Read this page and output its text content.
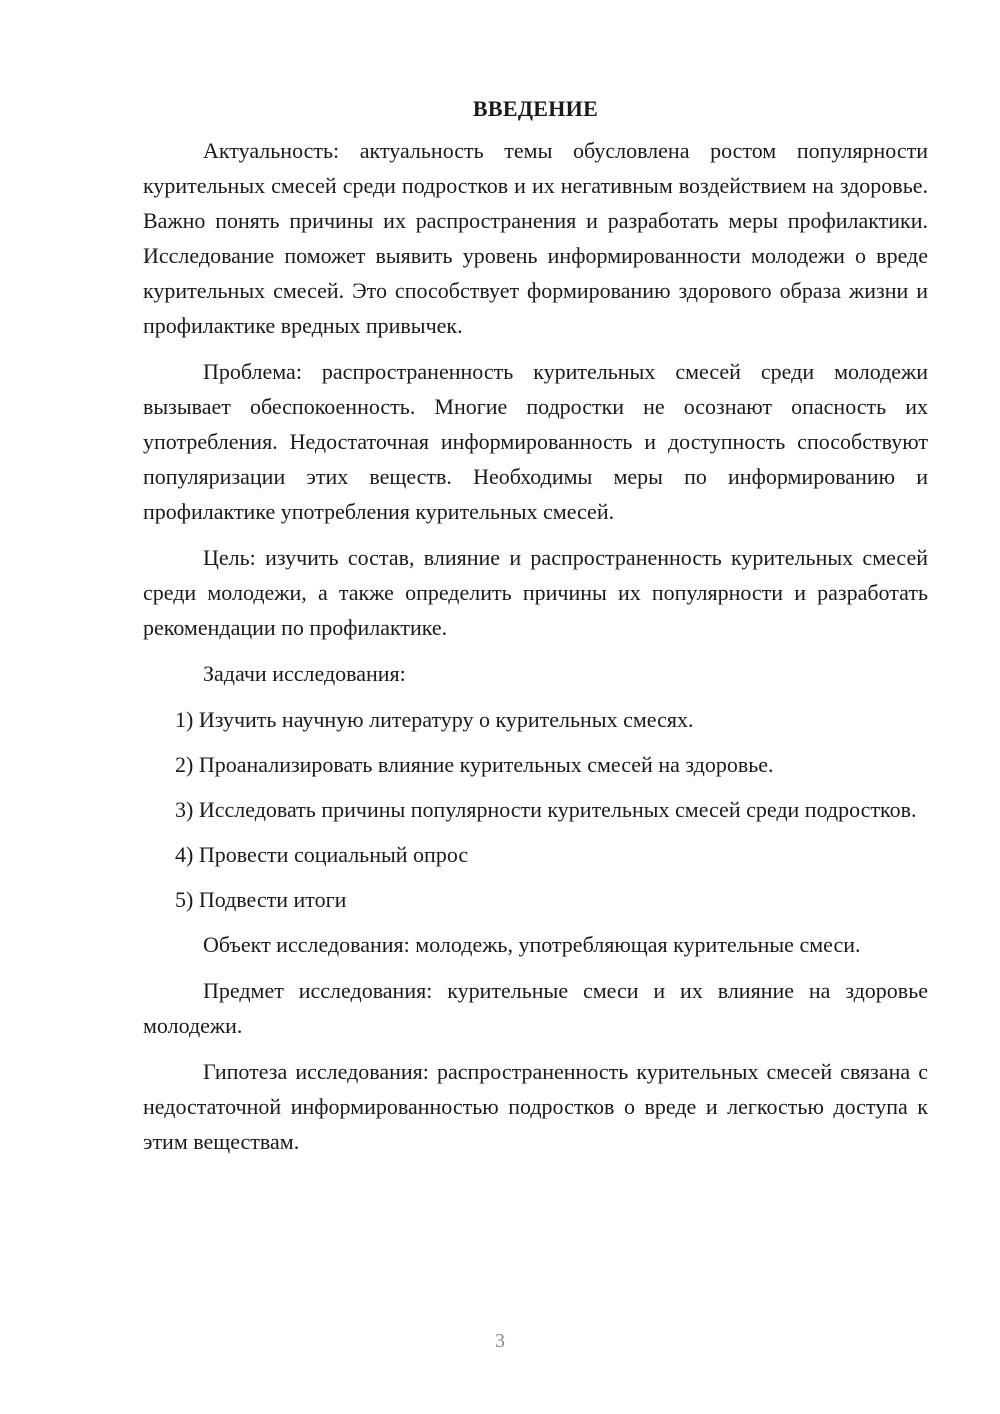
ВВЕДЕНИЕ

Актуальность: актуальность темы обусловлена ростом популярности курительных смесей среди подростков и их негативным воздействием на здоровье. Важно понять причины их распространения и разработать меры профилактики. Исследование поможет выявить уровень информированности молодежи о вреде курительных смесей. Это способствует формированию здорового образа жизни и профилактике вредных привычек.

Проблема: распространенность курительных смесей среди молодежи вызывает обеспокоенность. Многие подростки не осознают опасность их употребления. Недостаточная информированность и доступность способствуют популяризации этих веществ. Необходимы меры по информированию и профилактике употребления курительных смесей.

Цель: изучить состав, влияние и распространенность курительных смесей среди молодежи, а также определить причины их популярности и разработать рекомендации по профилактике.

Задачи исследования:

1) Изучить научную литературу о курительных смесях.

2) Проанализировать влияние курительных смесей на здоровье.

3) Исследовать причины популярности курительных смесей среди подростков.

4) Провести социальный опрос

5) Подвести итоги

Объект исследования: молодежь, употребляющая курительные смеси.

Предмет исследования: курительные смеси и их влияние на здоровье молодежи.

Гипотеза исследования: распространенность курительных смесей связана с недостаточной информированностью подростков о вреде и легкостью доступа к этим веществам.

3
